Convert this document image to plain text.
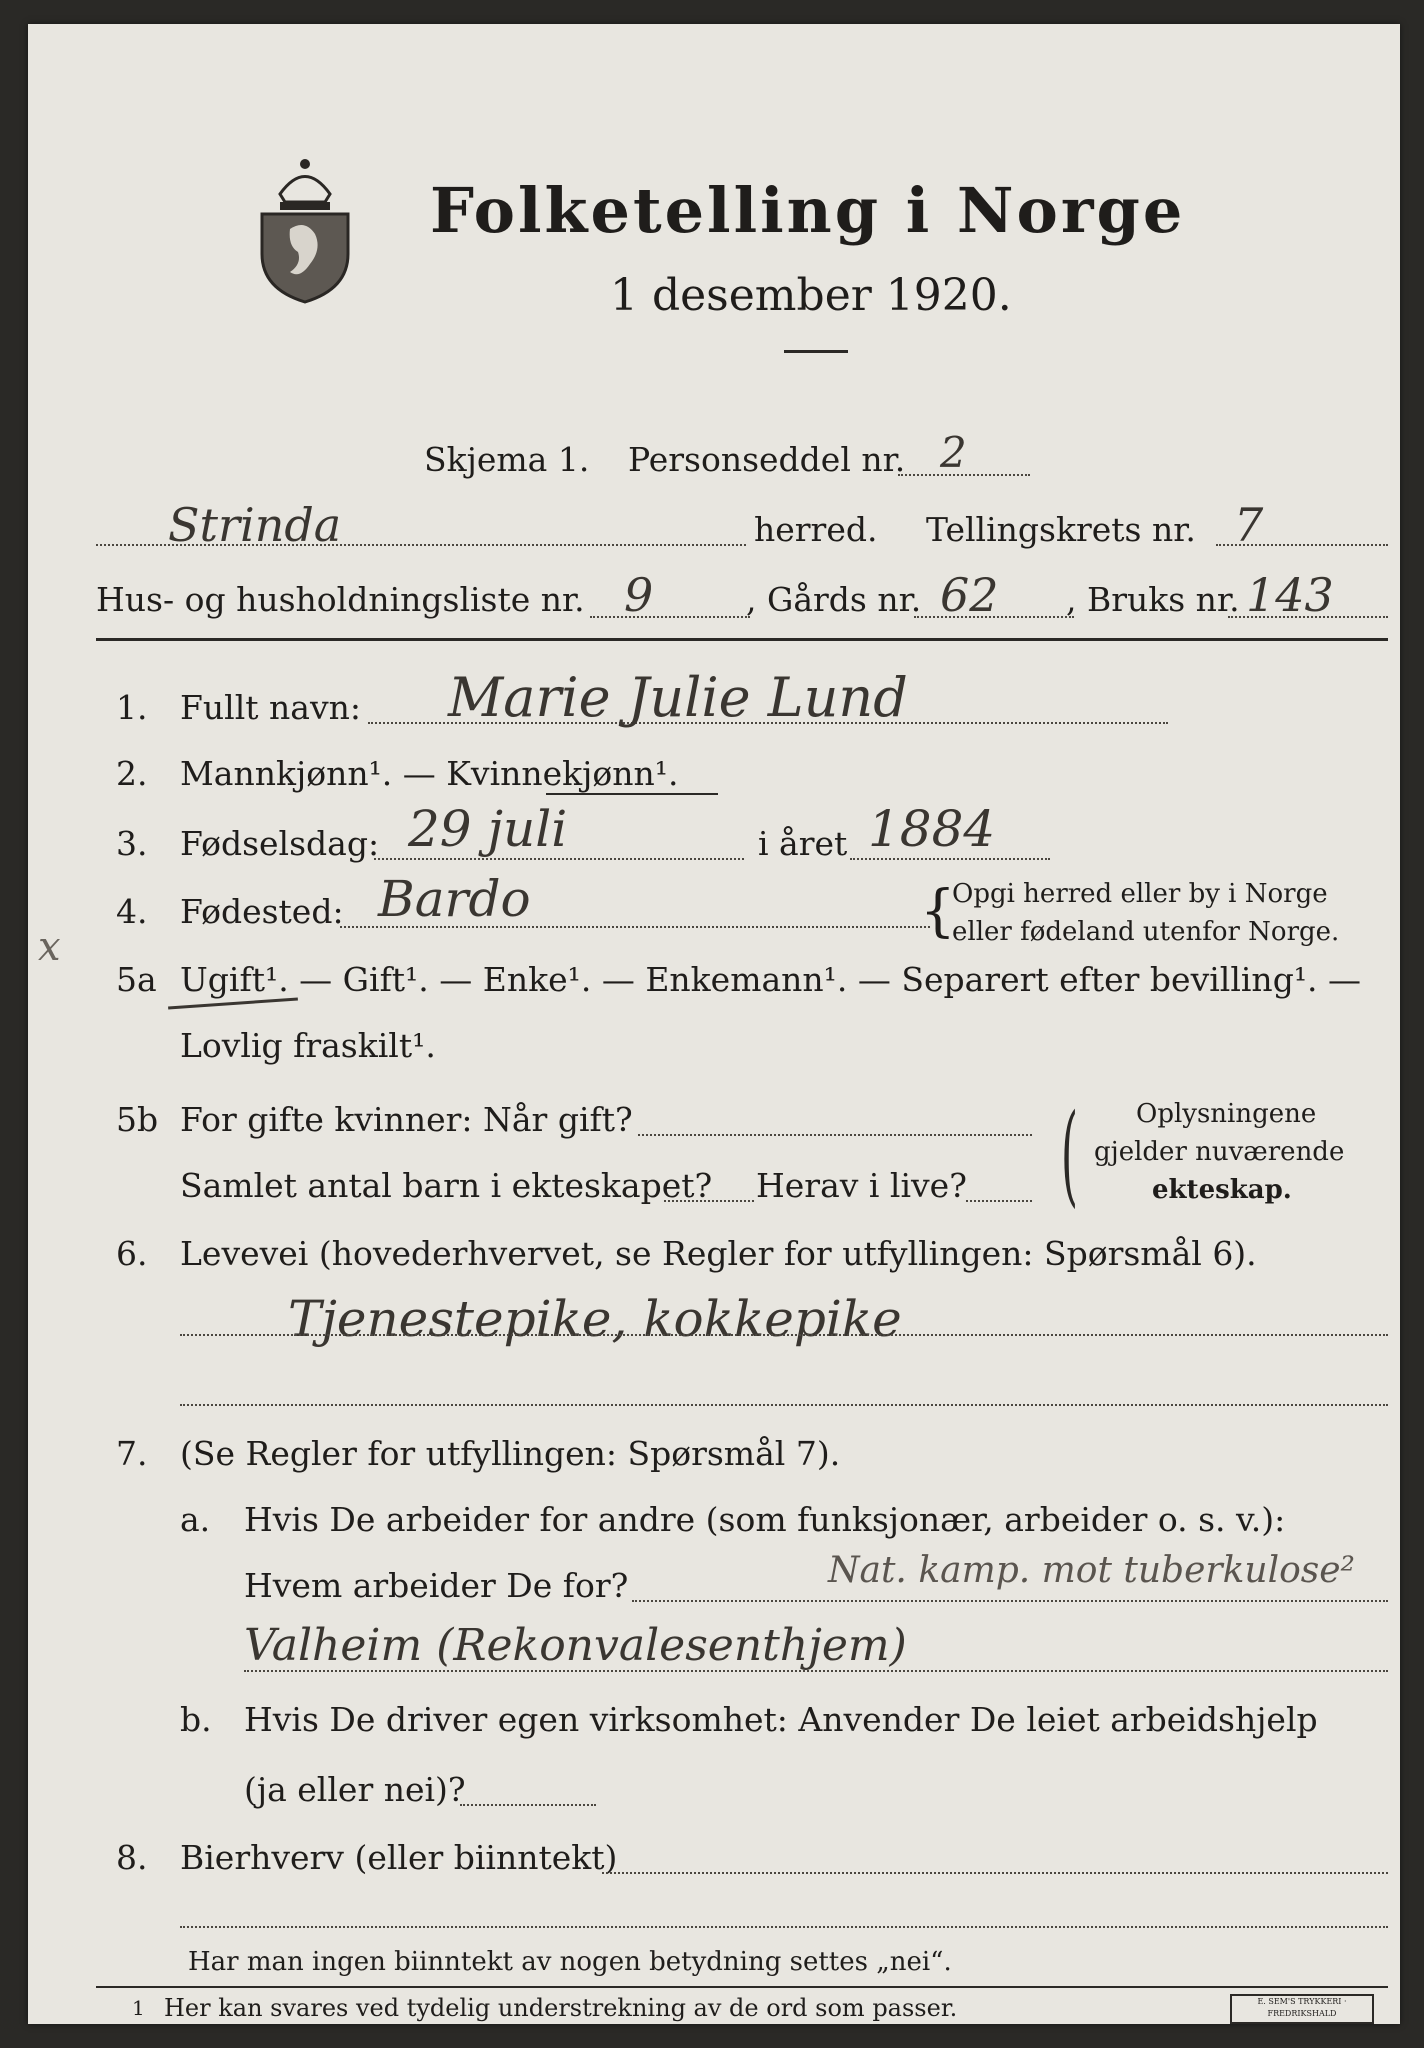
Folketelling i Norge
1 desember 1920.
Skjema 1. Personseddel nr. 2
Strinda	herred. Tellingskrets nr. 7
Hus- og husholdningsliste nr. 9	, Gårds nr. 62 , Bruks nr. 143
1. Fullt navn: Marie Julie Lund
2. Mannkjønn¹. — Kvinnekjønn¹.
3. Fødselsdag: 29 juli	i året 1884
4. Fødested: Bardo	{
Opgi herred eller by i Norge
eller fødeland utenfor Norge.
x
5a Ugift¹. — Gift¹. — Enke¹. — Enkemann¹. — Separert efter bevilling¹. —
Lovlig fraskilt¹.
5b For gifte kvinner: Når gift?
Samlet antal barn i ekteskapet? Herav i live? ( Oplysningene
gjelder nuværende
ekteskap.
6. Levevei (hovederhvervet, se Regler for utfyllingen: Spørsmål 6).
Tjenestepike, kokkepike
7. (Se Regler for utfyllingen: Spørsmål 7).
a. Hvis De arbeider for andre (som funksjonær, arbeider o. s. v.):
Hvem arbeider De for?	Nat. kamp. mot tuberkulose²
Valheim (Rekonvalesenthjem)
b. Hvis De driver egen virksomhet: Anvender De leiet arbeidshjelp
(ja eller nei)?
8. Bierhverv (eller biinntekt)
Har man ingen biinntekt av nogen betydning settes „nei“.
1 Her kan svares ved tydelig understrekning av de ord som passer.	E. SEM'S TRYKKERI · FREDRIKSHALD
